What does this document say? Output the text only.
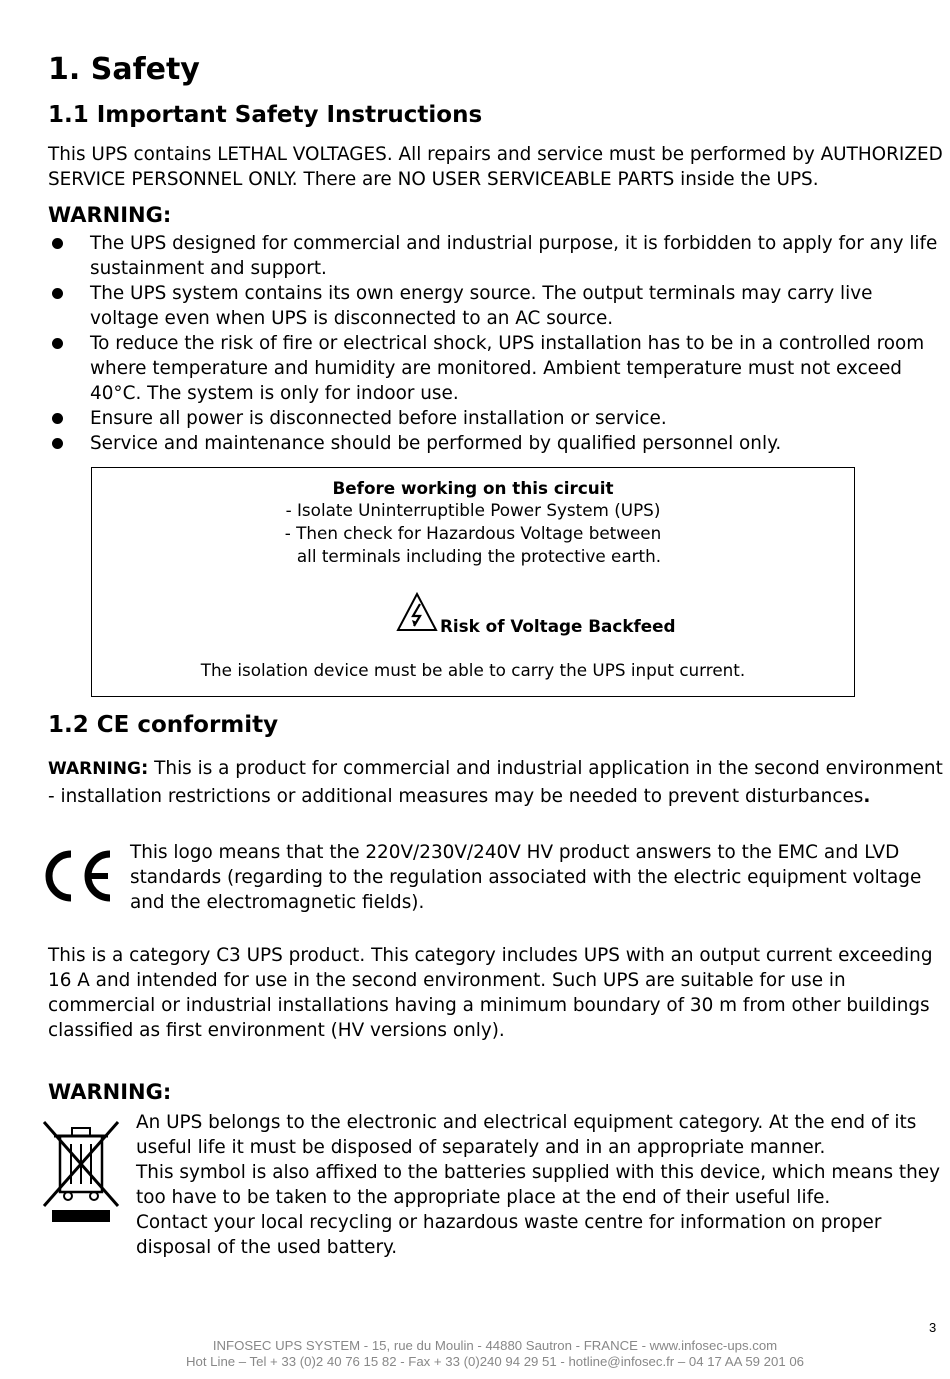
1. Safety
1.1 Important Safety Instructions

This UPS contains LETHAL VOLTAGES. All repairs and service must be performed by AUTHORIZED SERVICE PERSONNEL ONLY. There are NO USER SERVICEABLE PARTS inside the UPS.

WARNING:
The UPS designed for commercial and industrial purpose, it is forbidden to apply for any life sustainment and support.
The UPS system contains its own energy source. The output terminals may carry live voltage even when UPS is disconnected to an AC source.
To reduce the risk of fire or electrical shock, UPS installation has to be in a controlled room where temperature and humidity are monitored. Ambient temperature must not exceed 40°C. The system is only for indoor use.
Ensure all power is disconnected before installation or service.
Service and maintenance should be performed by qualified personnel only.
Before working on this circuit
- Isolate Uninterruptible Power System (UPS)
- Then check for Hazardous Voltage between
all terminals including the protective earth.
The isolation device must be able to carry the UPS input current.
Risk of Voltage Backfeed
1.2 CE conformity

WARNING: This is a product for commercial and industrial application in the second environment - installation restrictions or additional measures may be needed to prevent disturbances.

This logo means that the 220V/230V/240V HV product answers to the EMC and LVD standards (regarding to the regulation associated with the electric equipment voltage and the electromagnetic fields).

This is a category C3 UPS product. This category includes UPS with an output current exceeding 16 A and intended for use in the second environment. Such UPS are suitable for use in commercial or industrial installations having a minimum boundary of 30 m from other buildings classified as first environment (HV versions only).

WARNING:
An UPS belongs to the electronic and electrical equipment category. At the end of its useful life it must be disposed of separately and in an appropriate manner.
This symbol is also affixed to the batteries supplied with this device, which means they too have to be taken to the appropriate place at the end of their useful life.
Contact your local recycling or hazardous waste centre for information on proper disposal of the used battery.
3
INFOSEC UPS SYSTEM - 15, rue du Moulin - 44880 Sautron - FRANCE - www.infosec-ups.com
Hot Line – Tel + 33 (0)2 40 76 15 82 - Fax + 33 (0)240 94 29 51 - hotline@infosec.fr – 04 17 AA 59 201 06
